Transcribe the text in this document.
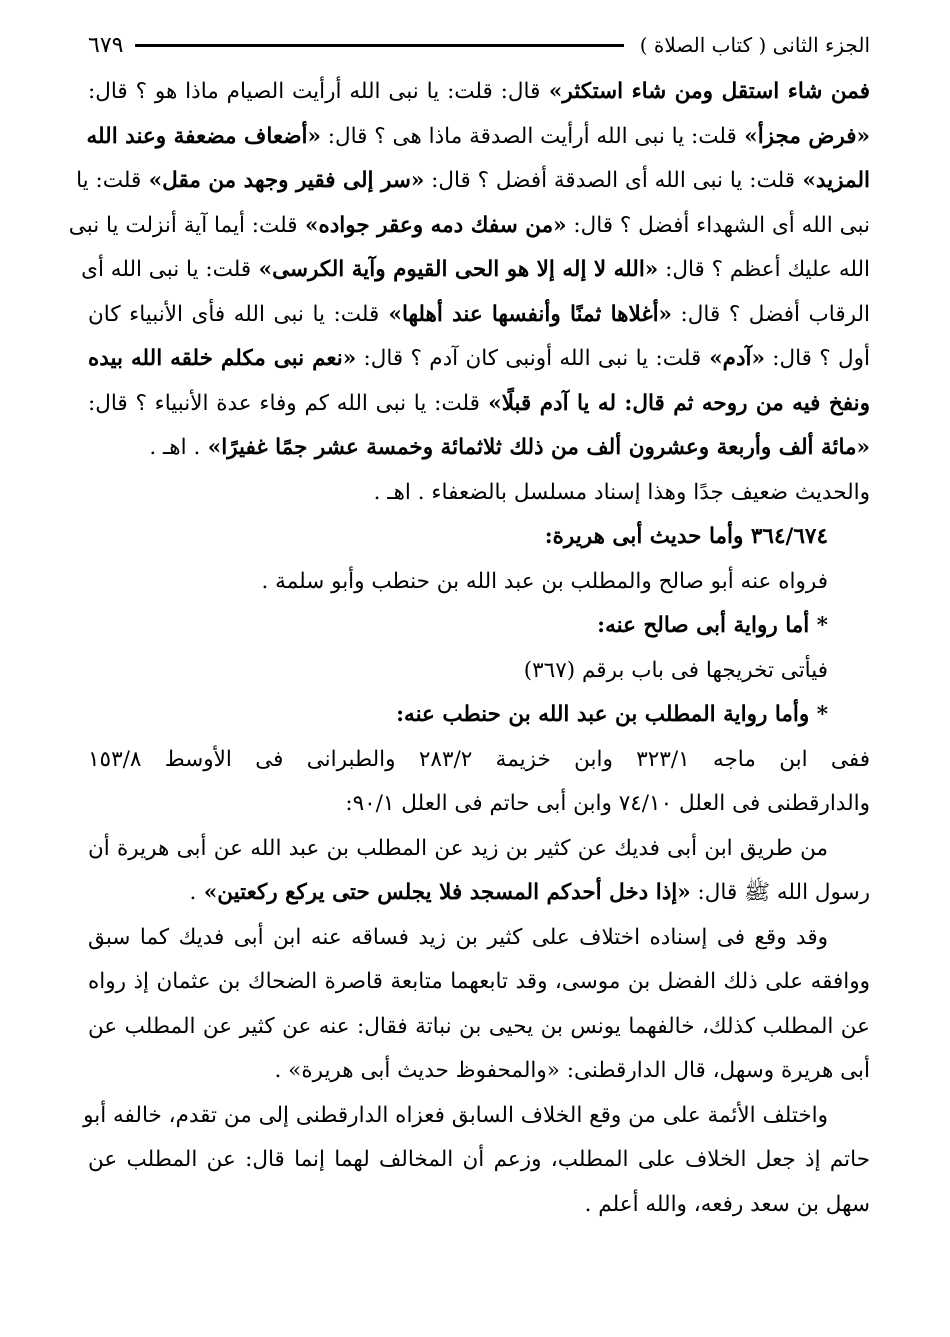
الجزء الثانى ( كتاب الصلاة )
٦٧٩
فمن شاء استقل ومن شاء استكثر» قال: قلت: يا نبى الله أرأيت الصيام ماذا هو ؟ قال:
«فرض مجزأ» قلت: يا نبى الله أرأيت الصدقة ماذا هى ؟ قال: «أضعاف مضعفة وعند الله
المزيد» قلت: يا نبى الله أى الصدقة أفضل ؟ قال: «سر إلى فقير وجهد من مقل» قلت: يا
نبى الله أى الشهداء أفضل ؟ قال: «من سفك دمه وعقر جواده» قلت: أيما آية أنزلت يا نبى
الله عليك أعظم ؟ قال: «الله لا إله إلا هو الحى القيوم وآية الكرسى» قلت: يا نبى الله أى
الرقاب أفضل ؟ قال: «أغلاها ثمنًا وأنفسها عند أهلها» قلت: يا نبى الله فأى الأنبياء كان
أول ؟ قال: «آدم» قلت: يا نبى الله أونبى كان آدم ؟ قال: «نعم نبى مكلم خلقه الله بيده
ونفخ فيه من روحه ثم قال: له يا آدم قبلًا» قلت: يا نبى الله كم وفاء عدة الأنبياء ؟ قال:
«مائة ألف وأربعة وعشرون ألف من ذلك ثلاثمائة وخمسة عشر جمًا غفيرًا» . اهـ .
والحديث ضعيف جدًا وهذا إسناد مسلسل بالضعفاء . اهـ .
٣٦٤/٦٧٤ وأما حديث أبى هريرة:
فرواه عنه أبو صالح والمطلب بن عبد الله بن حنطب وأبو سلمة .
* أما رواية أبى صالح عنه:
فيأتى تخريجها فى باب برقم (٣٦٧)
* وأما رواية المطلب بن عبد الله بن حنطب عنه:
ففى ابن ماجه ٣٢٣/١ وابن خزيمة ٢٨٣/٢ والطبرانى فى الأوسط ١٥٣/٨
والدارقطنى فى العلل ٧٤/١٠ وابن أبى حاتم فى العلل ٩٠/١:
من طريق ابن أبى فديك عن كثير بن زيد عن المطلب بن عبد الله عن أبى هريرة أن
رسول الله ﷺ قال: «إذا دخل أحدكم المسجد فلا يجلس حتى يركع ركعتين» .
وقد وقع فى إسناده اختلاف على كثير بن زيد فساقه عنه ابن أبى فديك كما سبق
ووافقه على ذلك الفضل بن موسى، وقد تابعهما متابعة قاصرة الضحاك بن عثمان إذ رواه
عن المطلب كذلك، خالفهما يونس بن يحيى بن نباتة فقال: عنه عن كثير عن المطلب عن
أبى هريرة وسهل، قال الدارقطنى: «والمحفوظ حديث أبى هريرة» .
واختلف الأئمة على من وقع الخلاف السابق فعزاه الدارقطنى إلى من تقدم، خالفه أبو
حاتم إذ جعل الخلاف على المطلب، وزعم أن المخالف لهما إنما قال: عن المطلب عن
سهل بن سعد رفعه، والله أعلم .
